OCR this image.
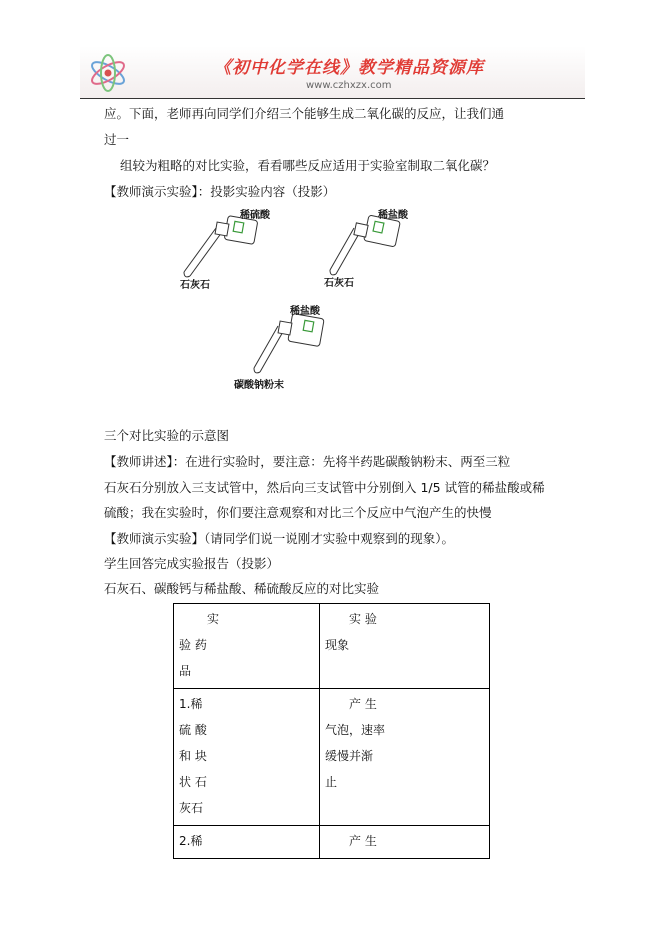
《初中化学在线》教学精品资源库
www.czhxzx.com
应。下面，老师再向同学们介绍三个能够生成二氧化碳的反应，让我们通
过一
组较为粗略的对比实验，看看哪些反应适用于实验室制取二氧化碳？
【教师演示实验】：投影实验内容（投影）
稀硫酸
石灰石
稀盐酸
石灰石
稀盐酸
碳酸钠粉末
三个对比实验的示意图
【教师讲述】：在进行实验时，要注意：先将半药匙碳酸钠粉末、两至三粒
石灰石分别放入三支试管中，然后向三支试管中分别倒入 1/5 试管的稀盐酸或稀
硫酸；我在实验时，你们要注意观察和对比三个反应中气泡产生的快慢
【教师演示实验】（请同学们说一说刚才实验中观察到的现象）。
学生回答完成实验报告（投影）
石灰石、碳酸钙与稀盐酸、稀硫酸反应的对比实验
实
验 药
品	实 验
现象

1.稀
硫 酸
和 块
状 石
灰石	产 生
气泡，速率
缓慢并渐
止

2.稀	产 生
